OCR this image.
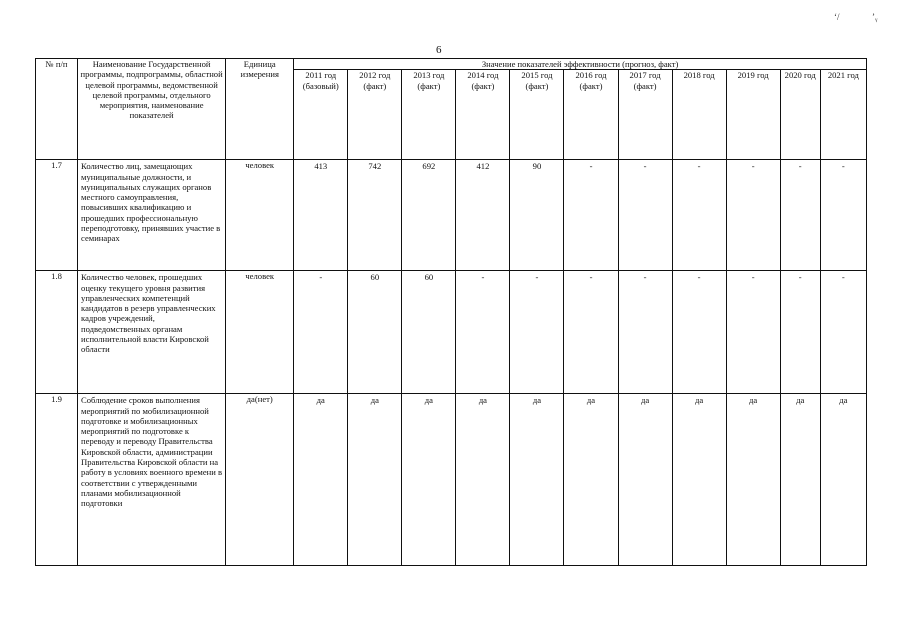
6
ʻ/	ʼᵧ
№ п/п	Наименование Государственной программы, подпрограммы, областной целевой программы, ведомственной целевой программы, отдельного мероприятия, наименование показателей	Единица измерения	Значение показателей эффективности (прогноз, факт)										
			2011 год (базовый)	2012 год (факт)	2013 год (факт)	2014 год (факт)	2015 год (факт)	2016 год (факт)	2017 год (факт)	2018 год	2019 год	2020 год	2021 год
1.7	Количество лиц, замещающих муниципальные должности, и муниципальных служащих органов местного самоуправления, повысивших квалификацию и прошедших профессиональную переподготовку, принявших участие в семинарах	человек	413	742	692	412	90	-	-	-	-	-	-
1.8	Количество человек, прошедших оценку текущего уровня развития управленческих компетенций кандидатов в резерв управленческих кадров учреждений, подведомственных органам исполнительной власти Кировской области	человек	-	60	60	-	-	-	-	-	-	-	-
1.9	Соблюдение сроков выполнения мероприятий по мобилизационной подготовке и мобилизационных мероприятий по подготовке к переводу и переводу Правительства Кировской области, администрации Правительства Кировской области на работу в условиях военного времени в соответствии с утвержденными планами мобилизационной подготовки	да(нет)	да	да	да	да	да	да	да	да	да	да	да
